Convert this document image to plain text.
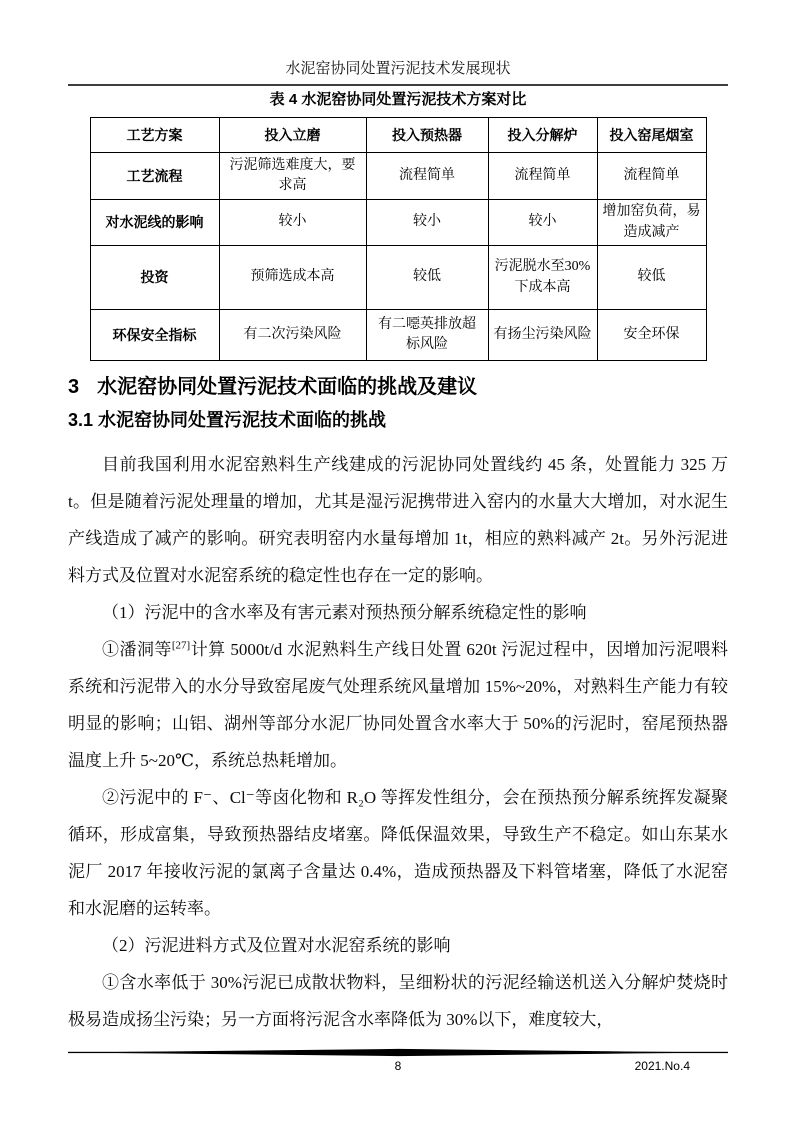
水泥窑协同处置污泥技术发展现状
表 4 水泥窑协同处置污泥技术方案对比
工艺方案	投入立磨	投入预热器	投入分解炉	投入窑尾烟室
工艺流程	污泥筛选难度大，要求高	流程简单	流程简单	流程简单
对水泥线的影响	较小	较小	较小	增加窑负荷，易造成减产
投资	预筛选成本高	较低	污泥脱水至30%下成本高	较低
环保安全指标	有二次污染风险	有二噁英排放超标风险	有扬尘污染风险	安全环保
3 水泥窑协同处置污泥技术面临的挑战及建议
3.1 水泥窑协同处置污泥技术面临的挑战

目前我国利用水泥窑熟料生产线建成的污泥协同处置线约 45 条，处置能力 325 万 t。但是随着污泥处理量的增加，尤其是湿污泥携带进入窑内的水量大大增加，对水泥生产线造成了减产的影响。研究表明窑内水量每增加 1t，相应的熟料减产 2t。另外污泥进料方式及位置对水泥窑系统的稳定性也存在一定的影响。

（1）污泥中的含水率及有害元素对预热预分解系统稳定性的影响

①潘洞等[27]计算 5000t/d 水泥熟料生产线日处置 620t 污泥过程中，因增加污泥喂料系统和污泥带入的水分导致窑尾废气处理系统风量增加 15%~20%，对熟料生产能力有较明显的影响；山铝、湖州等部分水泥厂协同处置含水率大于 50%的污泥时，窑尾预热器温度上升 5~20℃，系统总热耗增加。

②污泥中的 F⁻、Cl⁻等卤化物和 R₂O 等挥发性组分，会在预热预分解系统挥发凝聚循环，形成富集，导致预热器结皮堵塞。降低保温效果，导致生产不稳定。如山东某水泥厂 2017 年接收污泥的氯离子含量达 0.4%，造成预热器及下料管堵塞，降低了水泥窑和水泥磨的运转率。

（2）污泥进料方式及位置对水泥窑系统的影响

①含水率低于 30%污泥已成散状物料，呈细粉状的污泥经输送机送入分解炉焚烧时极易造成扬尘污染；另一方面将污泥含水率降低为 30%以下，难度较大，

8	2021.No.4
